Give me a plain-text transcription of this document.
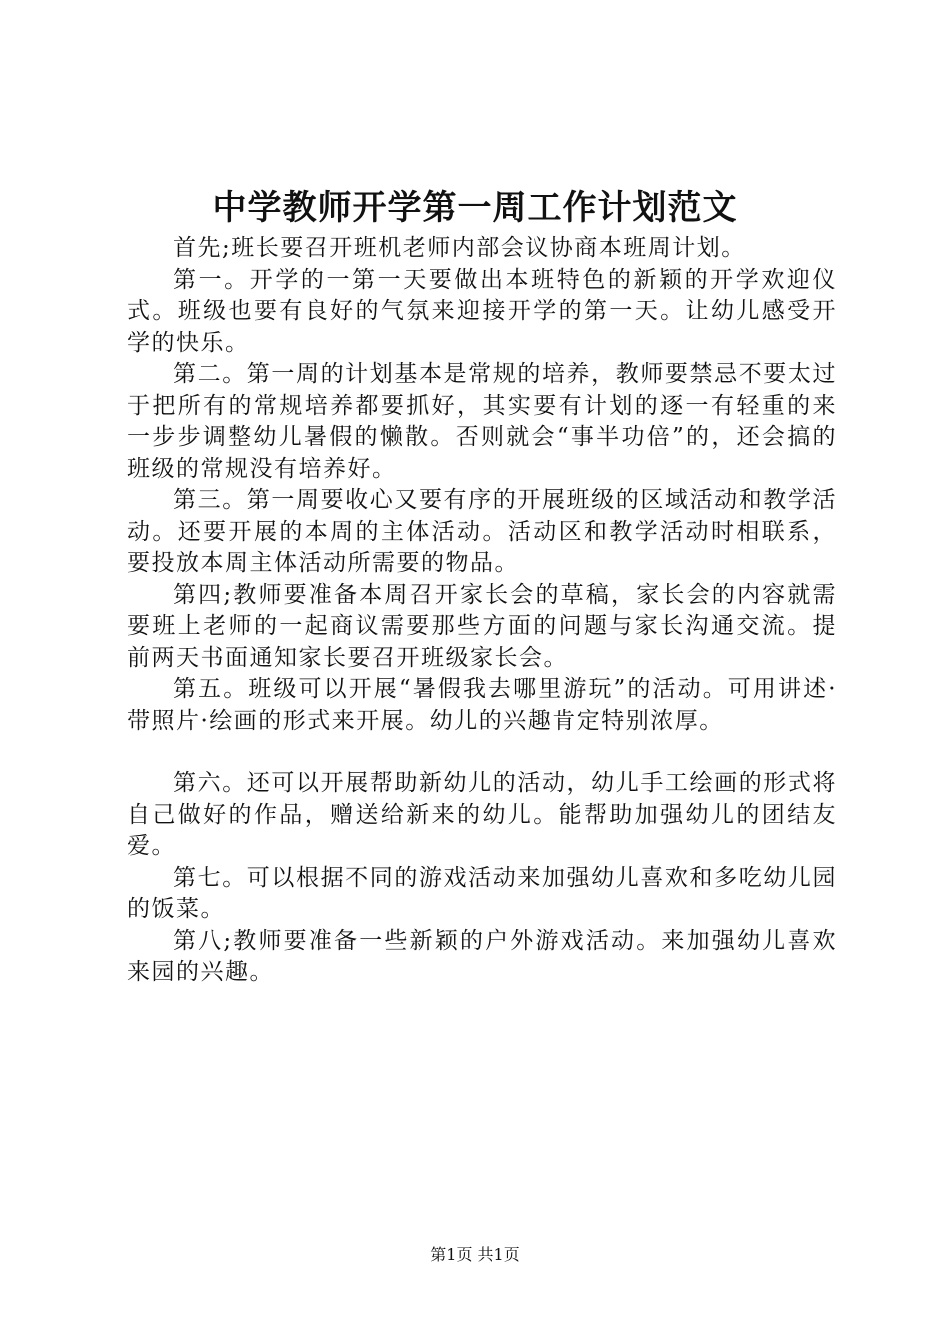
中学教师开学第一周工作计划范文

首先;班长要召开班机老师内部会议协商本班周计划。

第一。开学的一第一天要做出本班特色的新颖的开学欢迎仪式。班级也要有良好的气氛来迎接开学的第一天。让幼儿感受开学的快乐。

第二。第一周的计划基本是常规的培养，教师要禁忌不要太过于把所有的常规培养都要抓好，其实要有计划的逐一有轻重的来一步步调整幼儿暑假的懒散。否则就会“事半功倍”的，还会搞的班级的常规没有培养好。

第三。第一周要收心又要有序的开展班级的区域活动和教学活动。还要开展的本周的主体活动。活动区和教学活动时相联系，要投放本周主体活动所需要的物品。

第四;教师要准备本周召开家长会的草稿，家长会的内容就需要班上老师的一起商议需要那些方面的问题与家长沟通交流。提前两天书面通知家长要召开班级家长会。

第五。班级可以开展“暑假我去哪里游玩”的活动。可用讲述·带照片·绘画的形式来开展。幼儿的兴趣肯定特别浓厚。

第六。还可以开展帮助新幼儿的活动，幼儿手工绘画的形式将自己做好的作品，赠送给新来的幼儿。能帮助加强幼儿的团结友爱。

第七。可以根据不同的游戏活动来加强幼儿喜欢和多吃幼儿园的饭菜。

第八;教师要准备一些新颖的户外游戏活动。来加强幼儿喜欢来园的兴趣。

第1页 共1页
